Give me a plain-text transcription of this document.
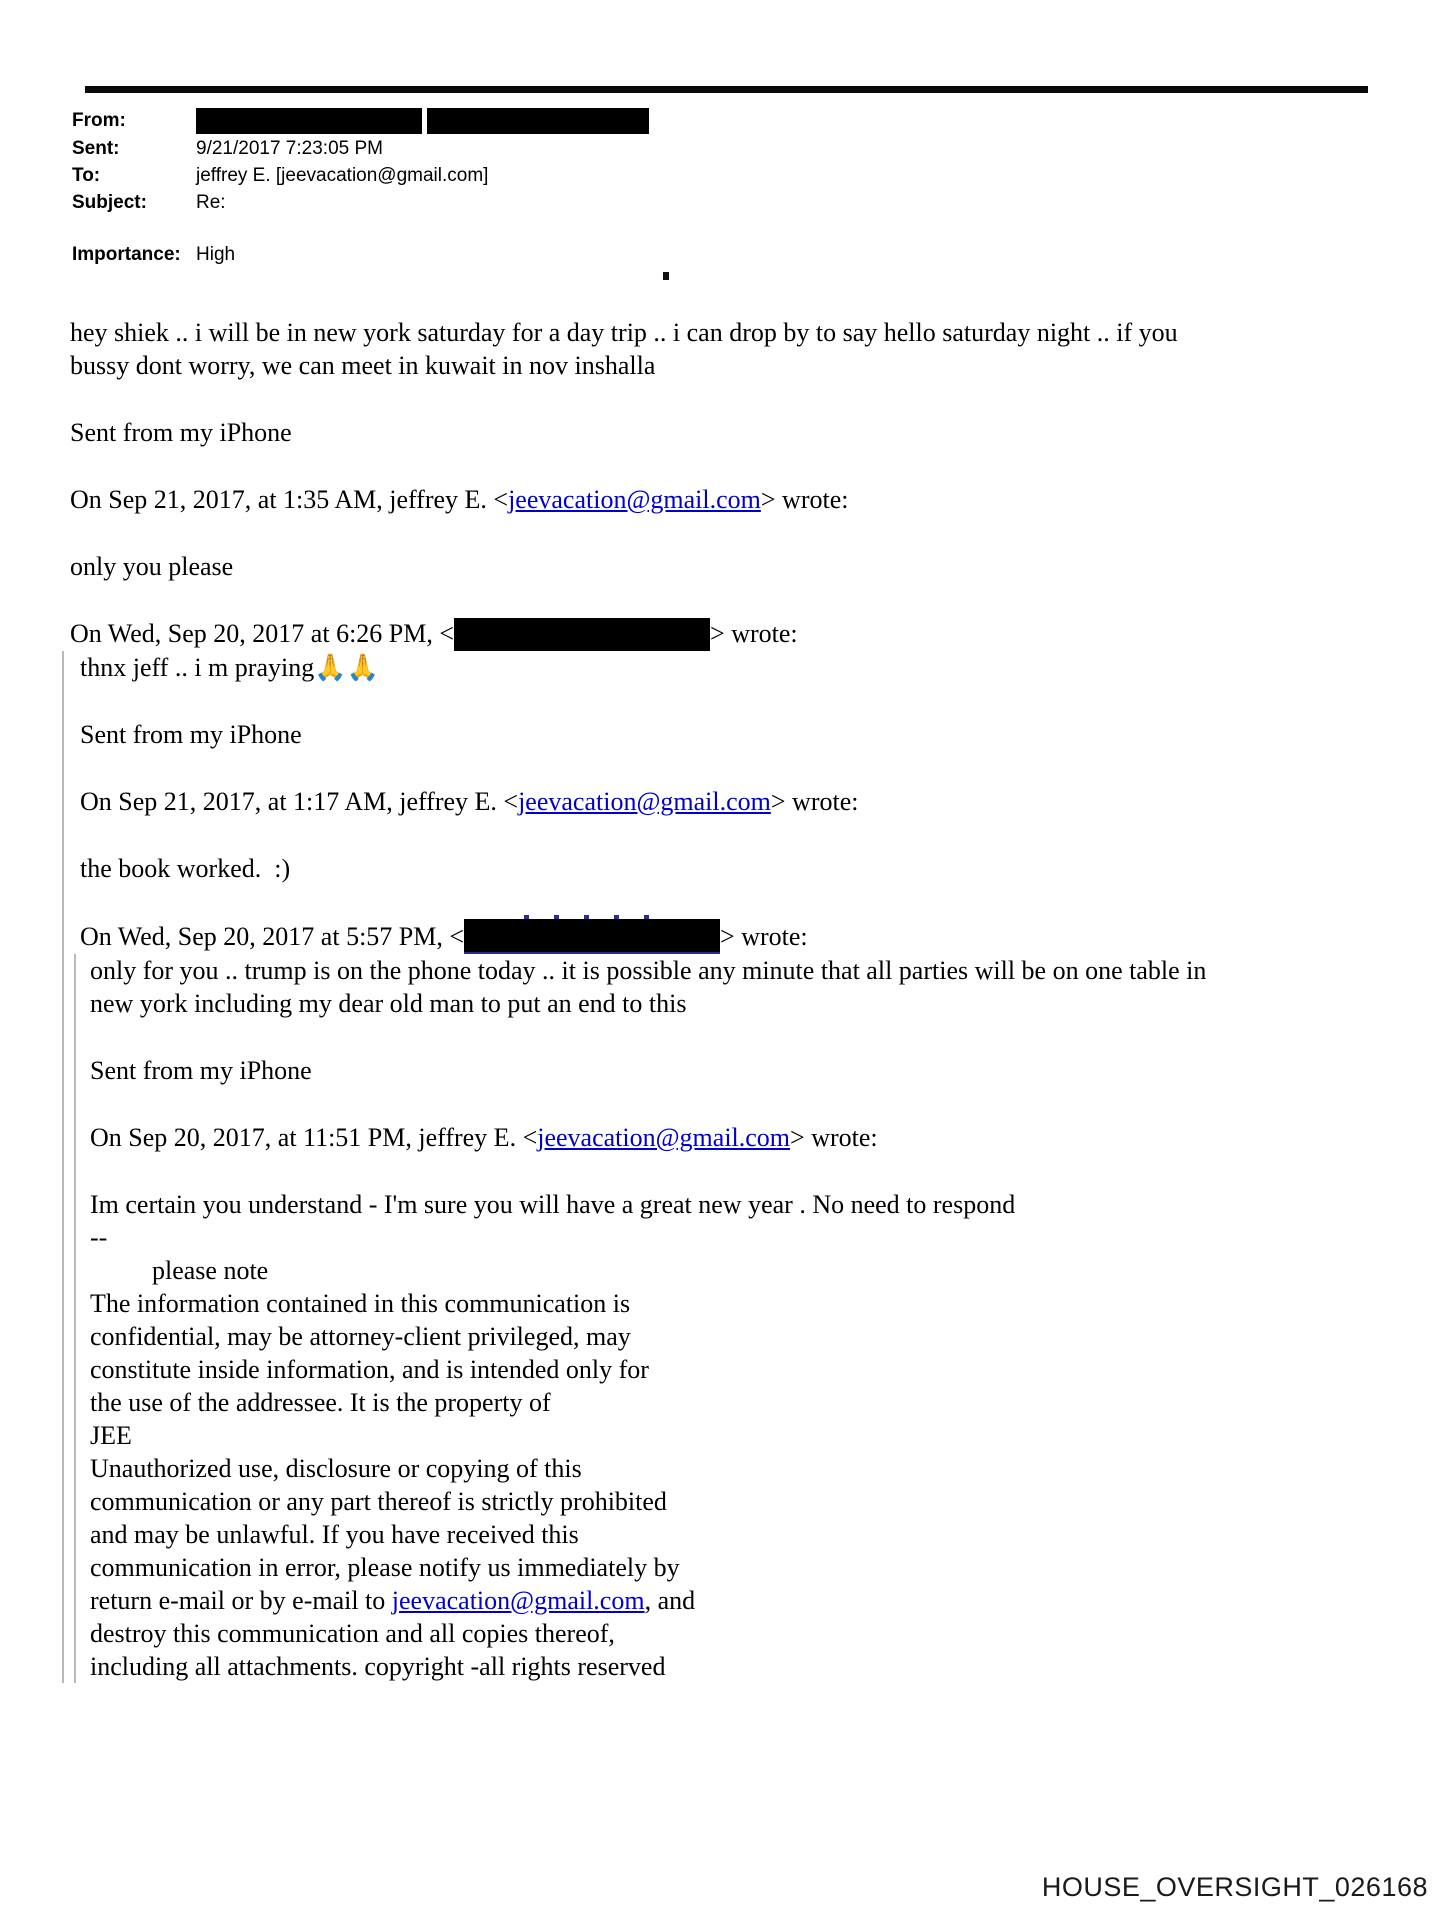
From:
Sent:	9/21/2017 7:23:05 PM
To:	jeffrey E. [jeevacation@gmail.com]
Subject:	Re:
Importance: High
hey shiek .. i will be in new york saturday for a day trip .. i can drop by to say hello saturday night .. if you
bussy dont worry, we can meet in kuwait in nov inshalla
Sent from my iPhone
On Sep 21, 2017, at 1:35 AM, jeffrey E. <jeevacation@gmail.com> wrote:
only you please
On Wed, Sep 20, 2017 at 6:26 PM, <	> wrote:
thnx jeff .. i m praying🙏🙏
Sent from my iPhone
On Sep 21, 2017, at 1:17 AM, jeffrey E. <jeevacation@gmail.com> wrote:
the book worked.  :)
On Wed, Sep 20, 2017 at 5:57 PM, <	> wrote:
only for you .. trump is on the phone today .. it is possible any minute that all parties will be on one table in
new york including my dear old man to put an end to this
Sent from my iPhone
On Sep 20, 2017, at 11:51 PM, jeffrey E. <jeevacation@gmail.com> wrote:
Im certain you understand - I'm sure you will have a great new year . No need to respond
--
please note
The information contained in this communication is
confidential, may be attorney-client privileged, may
constitute inside information, and is intended only for
the use of the addressee. It is the property of
JEE
Unauthorized use, disclosure or copying of this
communication or any part thereof is strictly prohibited
and may be unlawful. If you have received this
communication in error, please notify us immediately by
return e-mail or by e-mail to jeevacation@gmail.com, and
destroy this communication and all copies thereof,
including all attachments. copyright -all rights reserved
HOUSE_OVERSIGHT_026168
